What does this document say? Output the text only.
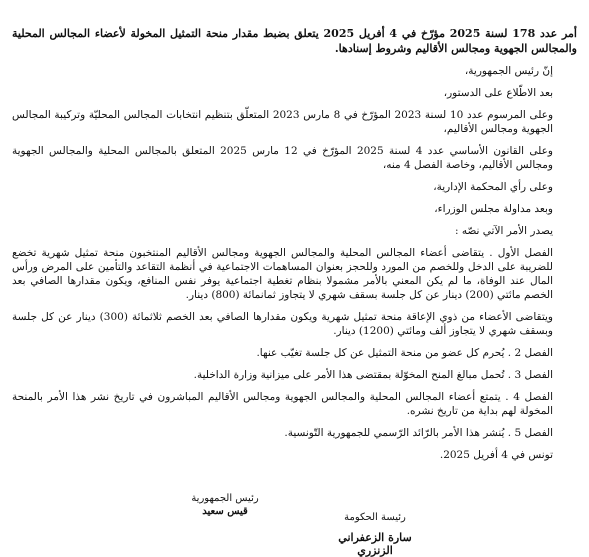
أمر عدد 178 لسنة 2025 مؤرّخ في 4 أفريل 2025 يتعلق بضبط مقدار منحة التمثيل المخولة لأعضاء المجالس المحلية والمجالس الجهوية ومجالس الأقاليم وشروط إسنادها.
إنّ رئيس الجمهورية،
بعد الاطّلاع على الدستور،
وعلى المرسوم عدد 10 لسنة 2023 المؤرّخ في 8 مارس 2023 المتعلّق بتنظيم انتخابات المجالس المحليّة وتركيبة المجالس الجهوية ومجالس الأقاليم،
وعلى القانون الأساسي عدد 4 لسنة 2025 المؤرّخ في 12 مارس 2025 المتعلق بالمجالس المحلية والمجالس الجهوية ومجالس الأقاليم، وخاصة الفصل 4 منه،
وعلى رأي المحكمة الإدارية،
وبعد مداولة مجلس الوزراء،
يصدر الأمر الآتي نصّه :
الفصل الأول . يتقاضى أعضاء المجالس المحلية والمجالس الجهوية ومجالس الأقاليم المنتخبون منحة تمثيل شهرية تخضع للضريبة على الدخل وللخصم من المورد وللحجز بعنوان المساهمات الاجتماعية في أنظمة التقاعد والتأمين على المرض ورأس المال عند الوفاة، ما لم يكن المعني بالأمر مشمولا بنظام تغطية اجتماعية يوفر نفس المنافع، ويكون مقدارها الصافي بعد الخصم مائتي (200) دينار عن كل جلسة بسقف شهري لا يتجاوز ثمانمائة (800) دينار.
ويتقاضى الأعضاء من ذوي الإعاقة منحة تمثيل شهرية ويكون مقدارها الصافي بعد الخصم ثلاثمائة (300) دينار عن كل جلسة وبسقف شهري لا يتجاوز ألف ومائتي (1200) دينار.
الفصل 2 . يُحرم كل عضو من منحة التمثيل عن كل جلسة تغيّب عنها.
الفصل 3 . تُحمل مبالغ المنح المخوّلة بمقتضى هذا الأمر على ميزانية وزارة الداخلية.
الفصل 4 . يتمتع أعضاء المجالس المحلية والمجالس الجهوية ومجالس الأقاليم المباشرون في تاريخ نشر هذا الأمر بالمنحة المخولة لهم بداية من تاريخ نشره.
الفصل 5 . يُنشر هذا الأمر بالرّائد الرّسمي للجمهورية التّونسية.
تونس في 4 أفريل 2025.
رئيس الجمهورية
قيس سعيد
رئيسة الحكومة
سارة الزعفراني الزنزري
